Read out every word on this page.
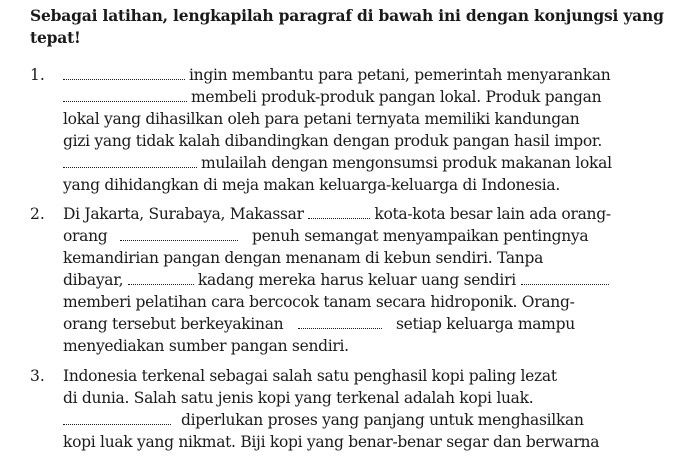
Sebagai latihan, lengkapilah paragraf di bawah ini dengan konjungsi yang tepat!
1.	ingin membantu para petani, pemerintah menyarankan
membeli produk-produk pangan lokal. Produk pangan
lokal yang dihasilkan oleh para petani ternyata memiliki kandungan
gizi yang tidak kalah dibandingkan dengan produk pangan hasil impor.
mulailah dengan mengonsumsi produk makanan lokal
yang dihidangkan di meja makan keluarga-keluarga di Indonesia.
2. Di Jakarta, Surabaya, Makassar	kota-kota besar lain ada orang-
orang	penuh semangat menyampaikan pentingnya
kemandirian pangan dengan menanam di kebun sendiri. Tanpa
dibayar,	kadang mereka harus keluar uang sendiri
memberi pelatihan cara bercocok tanam secara hidroponik. Orang-
orang tersebut berkeyakinan	setiap keluarga mampu
menyediakan sumber pangan sendiri.
3. Indonesia terkenal sebagai salah satu penghasil kopi paling lezat
di dunia. Salah satu jenis kopi yang terkenal adalah kopi luak.
diperlukan proses yang panjang untuk menghasilkan
kopi luak yang nikmat. Biji kopi yang benar-benar segar dan berwarna
